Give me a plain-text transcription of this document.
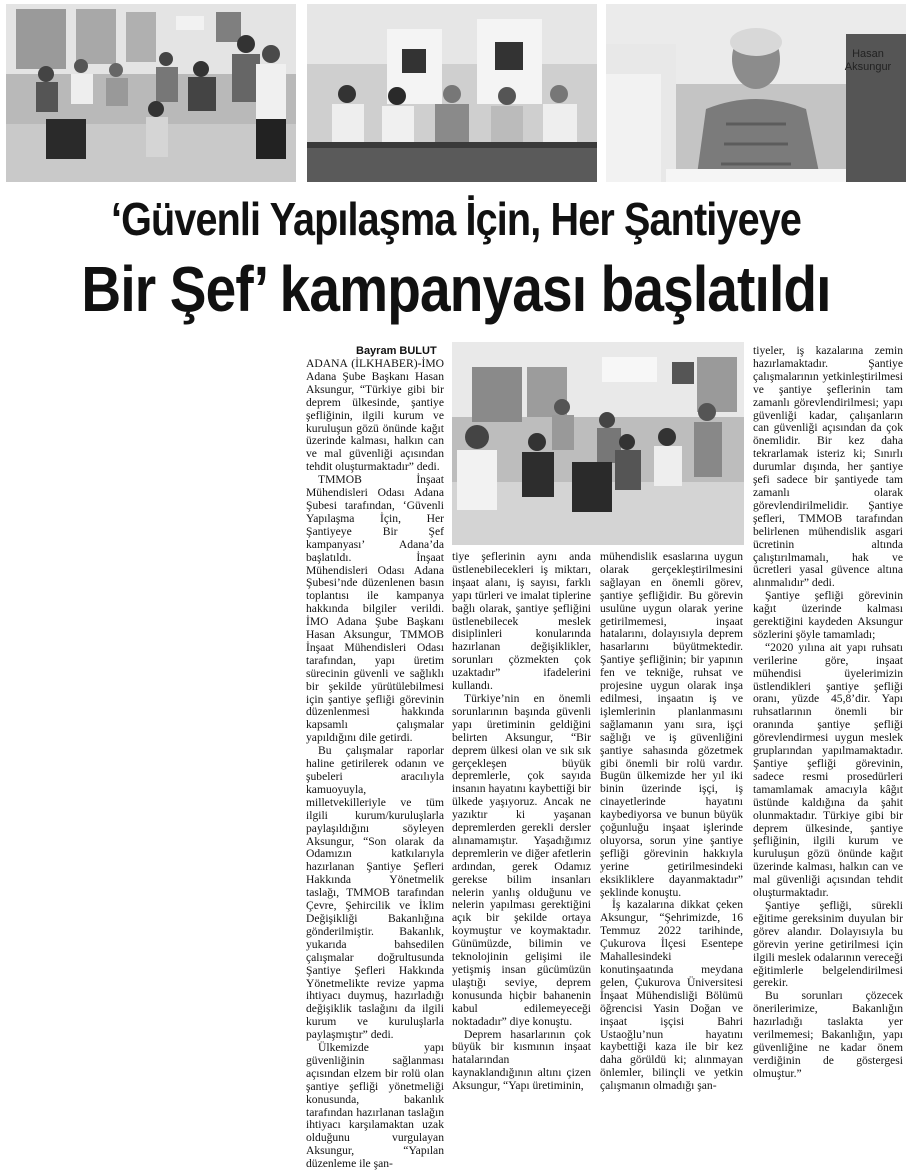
Hasan Aksungur
‘Güvenli Yapılaşma İçin, Her Şantiyeye
Bir Şef’ kampanyası başlatıldı
Bayram BULUT

ADANA (İLKHABER)-İMO Adana Şube Başkanı Hasan Aksungur, “Türkiye gibi bir deprem ülkesinde, şantiye şefliğinin, ilgili kurum ve kuruluşun gözü önünde kağıt üzerinde kalması, halkın can ve mal güvenliği açısından tehdit oluşturmaktadır” dedi.

TMMOB İnşaat Mühendisleri Odası Adana Şubesi tarafından, ‘Güvenli Yapılaşma İçin, Her Şantiyeye Bir Şef kampanyası’ Adana’da başlatıldı. İnşaat Mühendisleri Odası Adana Şubesi’nde düzenlenen basın toplantısı ile kampanya hakkında bilgiler verildi. İMO Adana Şube Başkanı Hasan Aksungur, TMMOB İnşaat Mühendisleri Odası tarafından, yapı üretim sürecinin güvenli ve sağlıklı bir şekilde yürütülebilmesi için şantiye şefliği görevinin düzenlenmesi hakkında kapsamlı çalışmalar yapıldığını dile getirdi.

Bu çalışmalar raporlar haline getirilerek odanın ve şubeleri aracılıyla kamuoyuyla, milletvekilleriyle ve tüm ilgili kurum/kuruluşlarla paylaşıldığını söyleyen Aksungur, “Son olarak da Odamızın katkılarıyla hazırlanan Şantiye Şefleri Hakkında Yönetmelik taslağı, TMMOB tarafından Çevre, Şehircilik ve İklim Değişikliği Bakanlığına gönderilmiştir. Bakanlık, yukarıda bahsedilen çalışmalar doğrultusunda Şantiye Şefleri Hakkında Yönetmelikte revize yapma ihtiyacı duymuş, hazırladığı değişiklik taslağını da ilgili kurum ve kuruluşlarla paylaşmıştır” dedi.

Ülkemizde yapı güvenliğinin sağlanması açısından elzem bir rolü olan şantiye şefliği yönetmeliği konusunda, bakanlık tarafından hazırlanan taslağın ihtiyacı karşılamaktan uzak olduğunu vurgulayan Aksungur, “Yapılan düzenleme ile şan-

tiye şeflerinin aynı anda üstlenebilecekleri iş miktarı, inşaat alanı, iş sayısı, farklı yapı türleri ve imalat tiplerine bağlı olarak, şantiye şefliğini üstlenebilecek meslek disiplinleri konularında hazırlanan değişiklikler, sorunları çözmekten çok uzaktadır” ifadelerini kullandı.

Türkiye’nin en önemli sorunlarının başında güvenli yapı üretiminin geldiğini belirten Aksungur, “Bir deprem ülkesi olan ve sık sık gerçekleşen büyük depremlerle, çok sayıda insanın hayatını kaybettiği bir ülkede yaşıyoruz. Ancak ne yazıktır ki yaşanan depremlerden gerekli dersler alınamamıştır. Yaşadığımız depremlerin ve diğer afetlerin ardından, gerek Odamız gerekse bilim insanları nelerin yanlış olduğunu ve nelerin yapılması gerektiğini açık bir şekilde ortaya koymuştur ve koymaktadır. Günümüzde, bilimin ve teknolojinin gelişimi ile yetişmiş insan gücümüzün ulaştığı seviye, deprem konusunda hiçbir bahanenin kabul edilemeyeceği noktadadır” diye konuştu.

Deprem hasarlarının çok büyük bir kısmının inşaat hatalarından kaynaklandığının altını çizen Aksungur, “Yapı üretiminin,

mühendislik esaslarına uygun olarak gerçekleştirilmesini sağlayan en önemli görev, şantiye şefliğidir. Bu görevin usulüne uygun olarak yerine getirilmemesi, inşaat hatalarını, dolayısıyla deprem hasarlarını büyütmektedir. Şantiye şefliğinin; bir yapının fen ve tekniğe, ruhsat ve projesine uygun olarak inşa edilmesi, inşaatın iş ve işlemlerinin planlanmasını sağlamanın yanı sıra, işçi sağlığı ve iş güvenliğini şantiye sahasında gözetmek gibi önemli bir rolü vardır. Bugün ülkemizde her yıl iki binin üzerinde işçi, iş cinayetlerinde hayatını kaybediyorsa ve bunun büyük çoğunluğu inşaat işlerinde oluyorsa, sorun yine şantiye şefliği görevinin hakkıyla yerine getirilmesindeki eksikliklere dayanmaktadır” şeklinde konuştu.

İş kazalarına dikkat çeken Aksungur, “Şehrimizde, 16 Temmuz 2022 tarihinde, Çukurova İlçesi Esentepe Mahallesindeki konutinşaatında meydana gelen, Çukurova Üniversitesi İnşaat Mühendisliği Bölümü öğrencisi Yasin Doğan ve inşaat işçisi Bahri Ustaoğlu’nun hayatını kaybettiği kaza ile bir kez daha görüldü ki; alınmayan önlemler, bilinçli ve yetkin çalışmanın olmadığı şan-

tiyeler, iş kazalarına zemin hazırlamaktadır. Şantiye çalışmalarının yetkinleştirilmesi ve şantiye şeflerinin tam zamanlı görevlendirilmesi; yapı güvenliği kadar, çalışanların can güvenliği açısından da çok önemlidir. Bir kez daha tekrarlamak isteriz ki; Sınırlı durumlar dışında, her şantiye şefi sadece bir şantiyede tam zamanlı olarak görevlendirilmelidir. Şantiye şefleri, TMMOB tarafından belirlenen mühendislik asgari ücretinin altında çalıştırılmamalı, hak ve ücretleri yasal güvence altına alınmalıdır” dedi.

Şantiye şefliği görevinin kağıt üzerinde kalması gerektiğini kaydeden Aksungur sözlerini şöyle tamamladı;

“2020 yılına ait yapı ruhsatı verilerine göre, inşaat mühendisi üyelerimizin üstlendikleri şantiye şefliği oranı, yüzde 45,8’dir. Yapı ruhsatlarının önemli bir oranında şantiye şefliği görevlendirmesi uygun meslek gruplarından yapılmamaktadır. Şantiye şefliği görevinin, sadece resmi prosedürleri tamamlamak amacıyla kâğıt üstünde kaldığına da şahit olunmaktadır. Türkiye gibi bir deprem ülkesinde, şantiye şefliğinin, ilgili kurum ve kuruluşun gözü önünde kağıt üzerinde kalması, halkın can ve mal güvenliği açısından tehdit oluşturmaktadır.

Şantiye şefliği, sürekli eğitime gereksinim duyulan bir görev alandır. Dolayısıyla bu görevin yerine getirilmesi için ilgili meslek odalarının vereceği eğitimlerle belgelendirilmesi gerekir.

Bu sorunları çözecek önerilerimize, Bakanlığın hazırladığı taslakta yer verilmemesi; Bakanlığın, yapı güvenliğine ne kadar önem verdiğinin de göstergesi olmuştur.”
